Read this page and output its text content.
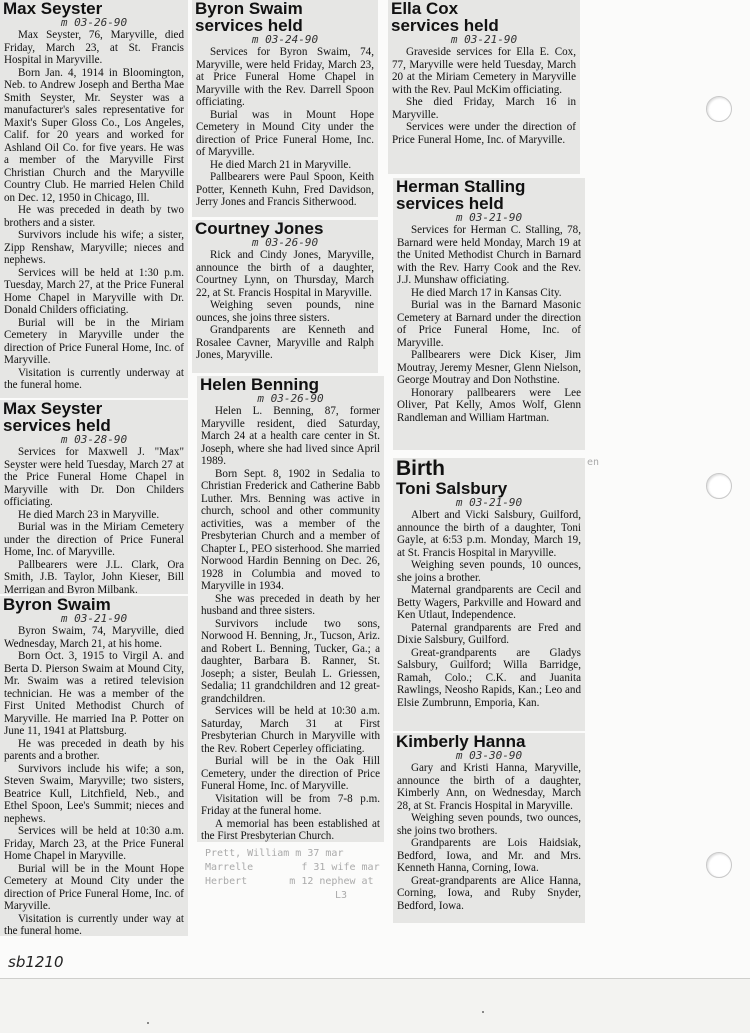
Max Seyster
m 03-26-90

Max Seyster, 76, Maryville, died Friday, March 23, at St. Francis Hospital in Maryville.

Born Jan. 4, 1914 in Bloomington, Neb. to Andrew Joseph and Bertha Mae Smith Seyster, Mr. Seyster was a manufacturer's sales representative for Maxit's Super Gloss Co., Los Angeles, Calif. for 20 years and worked for Ashland Oil Co. for five years. He was a member of the Maryville First Christian Church and the Maryville Country Club. He married Helen Child on Dec. 12, 1950 in Chicago, Ill.

He was preceded in death by two brothers and a sister.

Survivors include his wife; a sister, Zipp Renshaw, Maryville; nieces and nephews.

Services will be held at 1:30 p.m. Tuesday, March 27, at the Price Funeral Home Chapel in Maryville with Dr. Donald Childers officiating.

Burial will be in the Miriam Cemetery in Maryville under the direction of Price Funeral Home, Inc. of Maryville.

Visitation is currently underway at the funeral home.

Max Seyster
services held
m 03-28-90

Services for Maxwell J. "Max" Seyster were held Tuesday, March 27 at the Price Funeral Home Chapel in Maryville with Dr. Don Childers officiating.

He died March 23 in Maryville.

Burial was in the Miriam Cemetery under the direction of Price Funeral Home, Inc. of Maryville.

Pallbearers were J.L. Clark, Ora Smith, J.B. Taylor, John Kieser, Bill Merrigan and Byron Milbank.

Byron Swaim
m 03-21-90

Byron Swaim, 74, Maryville, died Wednesday, March 21, at his home.

Born Oct. 3, 1915 to Virgil A. and Berta D. Pierson Swaim at Mound City, Mr. Swaim was a retired television technician. He was a member of the First United Methodist Church of Maryville. He married Ina P. Potter on June 11, 1941 at Plattsburg.

He was preceded in death by his parents and a brother.

Survivors include his wife; a son, Steven Swaim, Maryville; two sisters, Beatrice Kull, Litchfield, Neb., and Ethel Spoon, Lee's Summit; nieces and nephews.

Services will be held at 10:30 a.m. Friday, March 23, at the Price Funeral Home Chapel in Maryville.

Burial will be in the Mount Hope Cemetery at Mound City under the direction of Price Funeral Home, Inc. of Maryville.

Visitation is currently under way at the funeral home.

Byron Swaim
services held
m 03-24-90

Services for Byron Swaim, 74, Maryville, were held Friday, March 23, at Price Funeral Home Chapel in Maryville with the Rev. Darrell Spoon officiating.

Burial was in Mount Hope Cemetery in Mound City under the direction of Price Funeral Home, Inc. of Maryville.

He died March 21 in Maryville.

Pallbearers were Paul Spoon, Keith Potter, Kenneth Kuhn, Fred Davidson, Jerry Jones and Francis Sitherwood.

Courtney Jones
m 03-26-90

Rick and Cindy Jones, Maryville, announce the birth of a daughter, Courtney Lynn, on Thursday, March 22, at St. Francis Hospital in Maryville.

Weighing seven pounds, nine ounces, she joins three sisters.

Grandparents are Kenneth and Rosalee Cavner, Maryville and Ralph Jones, Maryville.

Helen Benning
m 03-26-90

Helen L. Benning, 87, former Maryville resident, died Saturday, March 24 at a health care center in St. Joseph, where she had lived since April 1989.

Born Sept. 8, 1902 in Sedalia to Christian Frederick and Catherine Babb Luther. Mrs. Benning was active in church, school and other community activities, was a member of the Presbyterian Church and a member of Chapter L, PEO sisterhood. She married Norwood Hardin Benning on Dec. 26, 1928 in Columbia and moved to Maryville in 1934.

She was preceded in death by her husband and three sisters.

Survivors include two sons, Norwood H. Benning, Jr., Tucson, Ariz. and Robert L. Benning, Tucker, Ga.; a daughter, Barbara B. Ranner, St. Joseph; a sister, Beulah L. Griessen, Sedalia; 11 grandchildren and 12 great-grandchildren.

Services will be held at 10:30 a.m. Saturday, March 31 at First Presbyterian Church in Maryville with the Rev. Robert Ceperley officiating.

Burial will be in the Oak Hill Cemetery, under the direction of Price Funeral Home, Inc. of Maryville.

Visitation will be from 7-8 p.m. Friday at the funeral home.

A memorial has been established at the First Presbyterian Church.

Ella Cox
services held
m 03-21-90

Graveside services for Ella E. Cox, 77, Maryville were held Tuesday, March 20 at the Miriam Cemetery in Maryville with the Rev. Paul McKim officiating.

She died Friday, March 16 in Maryville.

Services were under the direction of Price Funeral Home, Inc. of Maryville.

Herman Stalling
services held
m 03-21-90

Services for Herman C. Stalling, 78, Barnard were held Monday, March 19 at the United Methodist Church in Barnard with the Rev. Harry Cook and the Rev. J.J. Munshaw officiating.

He died March 17 in Kansas City.

Burial was in the Barnard Masonic Cemetery at Barnard under the direction of Price Funeral Home, Inc. of Maryville.

Pallbearers were Dick Kiser, Jim Moutray, Jeremy Mesner, Glenn Nielson, George Moutray and Don Nothstine.

Honorary pallbearers were Lee Oliver, Pat Kelly, Amos Wolf, Glenn Randleman and William Hartman.

Birth
Toni Salsbury
m 03-21-90

Albert and Vicki Salsbury, Guilford, announce the birth of a daughter, Toni Gayle, at 6:53 p.m. Monday, March 19, at St. Francis Hospital in Maryville.

Weighing seven pounds, 10 ounces, she joins a brother.

Maternal grandparents are Cecil and Betty Wagers, Parkville and Howard and Ken Utlaut, Independence.

Paternal grandparents are Fred and Dixie Salsbury, Guilford.

Great-grandparents are Gladys Salsbury, Guilford; Willa Barridge, Ramah, Colo.; C.K. and Juanita Rawlings, Neosho Rapids, Kan.; Leo and Elsie Zumbrunn, Emporia, Kan.

Kimberly Hanna
m 03-30-90

Gary and Kristi Hanna, Maryville, announce the birth of a daughter, Kimberly Ann, on Wednesday, March 28, at St. Francis Hospital in Maryville.

Weighing seven pounds, two ounces, she joins two brothers.

Grandparents are Lois Haidsiak, Bedford, Iowa, and Mr. and Mrs. Kenneth Hanna, Corning, Iowa.

Great-grandparents are Alice Hanna, Corning, Iowa, and Ruby Snyder, Bedford, Iowa.

Prett, William m 37 mar
Marrelle        f 31 wife mar
Herbert       m 12 nephew at
L3
en
sb1210
